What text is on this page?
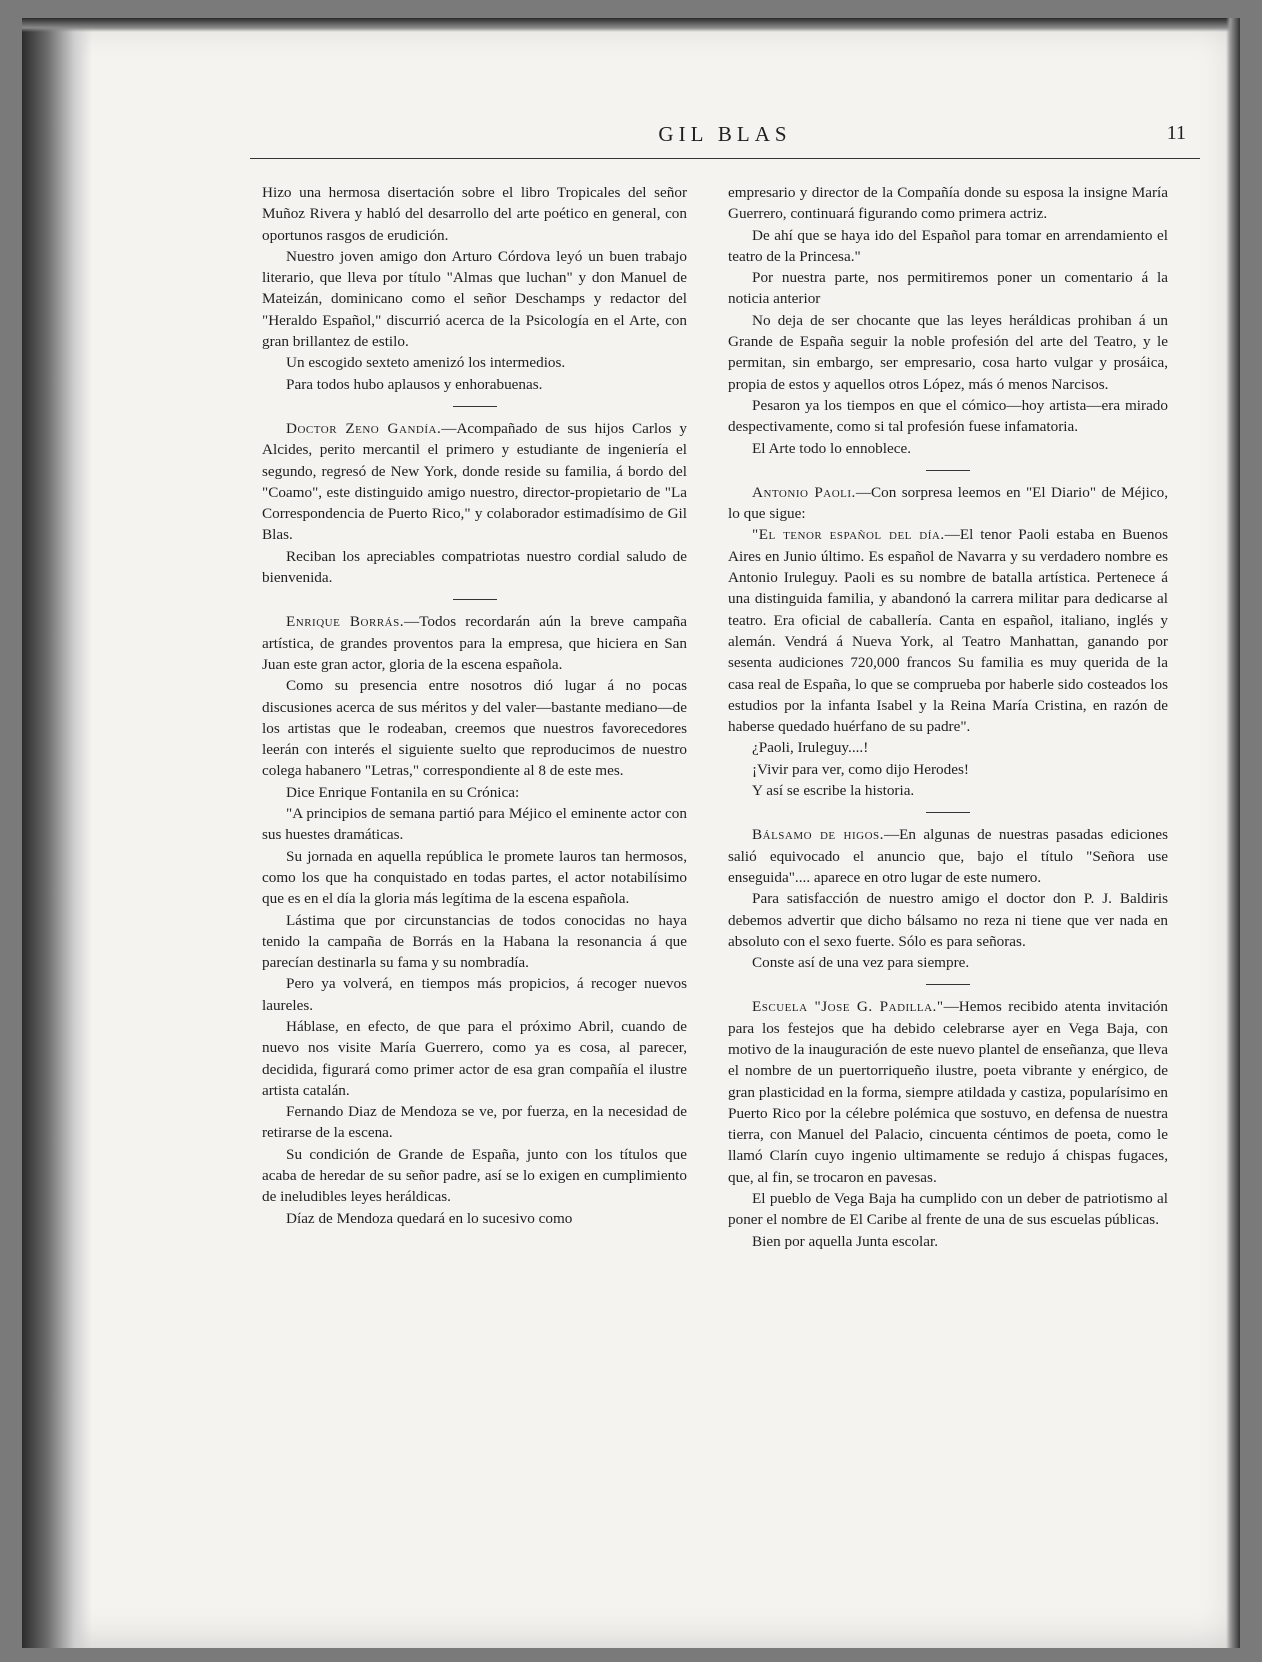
GIL BLAS	11

Hizo una hermosa disertación sobre el libro Tropicales del señor Muñoz Rivera y habló del desarrollo del arte poético en general, con oportunos rasgos de erudición.

Nuestro joven amigo don Arturo Córdova leyó un buen trabajo literario, que lleva por título "Almas que luchan" y don Manuel de Mateizán, dominicano como el señor Deschamps y redactor del "Heraldo Español," discurrió acerca de la Psicología en el Arte, con gran brillantez de estilo.

Un escogido sexteto amenizó los intermedios.

Para todos hubo aplausos y enhorabuenas.

Doctor Zeno Gandía.—Acompañado de sus hijos Carlos y Alcides, perito mercantil el primero y estudiante de ingeniería el segundo, regresó de New York, donde reside su familia, á bordo del "Coamo", este distinguido amigo nuestro, director-propietario de "La Correspondencia de Puerto Rico," y colaborador estimadísimo de Gil Blas.

Reciban los apreciables compatriotas nuestro cordial saludo de bienvenida.

Enrique Borrás.—Todos recordarán aún la breve campaña artística, de grandes proventos para la empresa, que hiciera en San Juan este gran actor, gloria de la escena española.

Como su presencia entre nosotros dió lugar á no pocas discusiones acerca de sus méritos y del valer—bastante mediano—de los artistas que le rodeaban, creemos que nuestros favorecedores leerán con interés el siguiente suelto que reproducimos de nuestro colega habanero "Letras," correspondiente al 8 de este mes.

Dice Enrique Fontanila en su Crónica:

"A principios de semana partió para Méjico el eminente actor con sus huestes dramáticas.

Su jornada en aquella república le promete lauros tan hermosos, como los que ha conquistado en todas partes, el actor notabilísimo que es en el día la gloria más legítima de la escena española.

Lástima que por circunstancias de todos conocidas no haya tenido la campaña de Borrás en la Habana la resonancia á que parecían destinarla su fama y su nombradía.

Pero ya volverá, en tiempos más propicios, á recoger nuevos laureles.

Háblase, en efecto, de que para el próximo Abril, cuando de nuevo nos visite María Guerrero, como ya es cosa, al parecer, decidida, figurará como primer actor de esa gran compañía el ilustre artista catalán.

Fernando Diaz de Mendoza se ve, por fuerza, en la necesidad de retirarse de la escena.

Su condición de Grande de España, junto con los títulos que acaba de heredar de su señor padre, así se lo exigen en cumplimiento de ineludibles leyes heráldicas.

Díaz de Mendoza quedará en lo sucesivo como

empresario y director de la Compañía donde su esposa la insigne María Guerrero, continuará figurando como primera actriz.

De ahí que se haya ido del Español para tomar en arrendamiento el teatro de la Princesa."

Por nuestra parte, nos permitiremos poner un comentario á la noticia anterior

No deja de ser chocante que las leyes heráldicas prohiban á un Grande de España seguir la noble profesión del arte del Teatro, y le permitan, sin embargo, ser empresario, cosa harto vulgar y prosáica, propia de estos y aquellos otros López, más ó menos Narcisos.

Pesaron ya los tiempos en que el cómico—hoy artista—era mirado despectivamente, como si tal profesión fuese infamatoria.

El Arte todo lo ennoblece.

Antonio Paoli.—Con sorpresa leemos en "El Diario" de Méjico, lo que sigue:

"El tenor español del día.—El tenor Paoli estaba en Buenos Aires en Junio último. Es español de Navarra y su verdadero nombre es Antonio Iruleguy. Paoli es su nombre de batalla artística. Pertenece á una distinguida familia, y abandonó la carrera militar para dedicarse al teatro. Era oficial de caballería. Canta en español, italiano, inglés y alemán. Vendrá á Nueva York, al Teatro Manhattan, ganando por sesenta audiciones 720,000 francos Su familia es muy querida de la casa real de España, lo que se comprueba por haberle sido costeados los estudios por la infanta Isabel y la Reina María Cristina, en razón de haberse quedado huérfano de su padre".

¿Paoli, Iruleguy....!

¡Vivir para ver, como dijo Herodes!

Y así se escribe la historia.

Bálsamo de higos.—En algunas de nuestras pasadas ediciones salió equivocado el anuncio que, bajo el título "Señora use enseguida".... aparece en otro lugar de este numero.

Para satisfacción de nuestro amigo el doctor don P. J. Baldiris debemos advertir que dicho bálsamo no reza ni tiene que ver nada en absoluto con el sexo fuerte. Sólo es para señoras.

Conste así de una vez para siempre.

Escuela "Jose G. Padilla."—Hemos recibido atenta invitación para los festejos que ha debido celebrarse ayer en Vega Baja, con motivo de la inauguración de este nuevo plantel de enseñanza, que lleva el nombre de un puertorriqueño ilustre, poeta vibrante y enérgico, de gran plasticidad en la forma, siempre atildada y castiza, popularísimo en Puerto Rico por la célebre polémica que sostuvo, en defensa de nuestra tierra, con Manuel del Palacio, cincuenta céntimos de poeta, como le llamó Clarín cuyo ingenio ultimamente se redujo á chispas fugaces, que, al fin, se trocaron en pavesas.

El pueblo de Vega Baja ha cumplido con un deber de patriotismo al poner el nombre de El Caribe al frente de una de sus escuelas públicas.

Bien por aquella Junta escolar.
